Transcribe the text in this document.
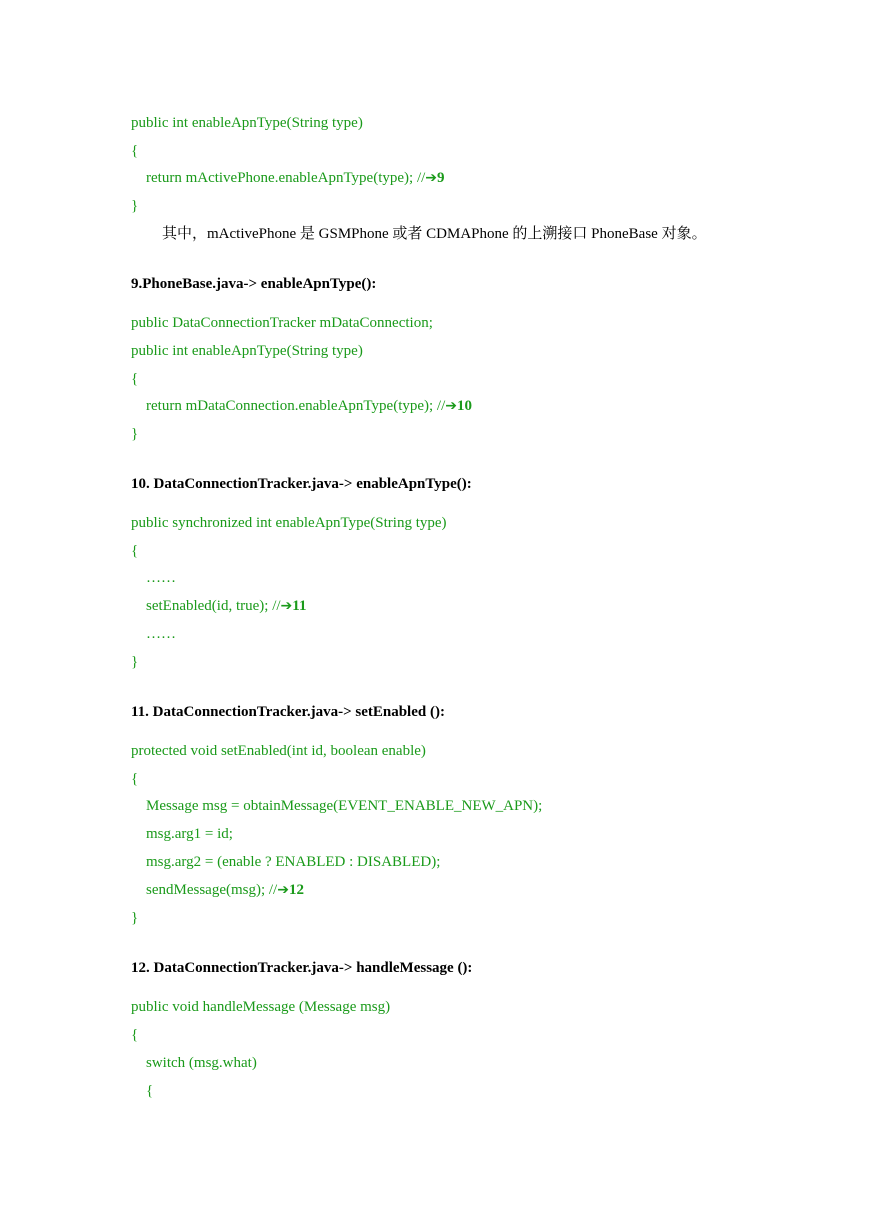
public int enableApnType(String type)
{
return mActivePhone.enableApnType(type); //➔9
}
其中，mActivePhone 是 GSMPhone 或者 CDMAPhone 的上溯接口 PhoneBase 对象。
9.PhoneBase.java-> enableApnType():
public DataConnectionTracker mDataConnection;
public int enableApnType(String type)
{
return mDataConnection.enableApnType(type); //➔10
}
10. DataConnectionTracker.java-> enableApnType():
public synchronized int enableApnType(String type)
{
……
setEnabled(id, true); //➔11
……
}
11. DataConnectionTracker.java-> setEnabled ():
protected void setEnabled(int id, boolean enable)
{
Message msg = obtainMessage(EVENT_ENABLE_NEW_APN);
msg.arg1 = id;
msg.arg2 = (enable ? ENABLED : DISABLED);
sendMessage(msg); //➔12
}
12. DataConnectionTracker.java-> handleMessage ():
public void handleMessage (Message msg)
{
switch (msg.what)
{
